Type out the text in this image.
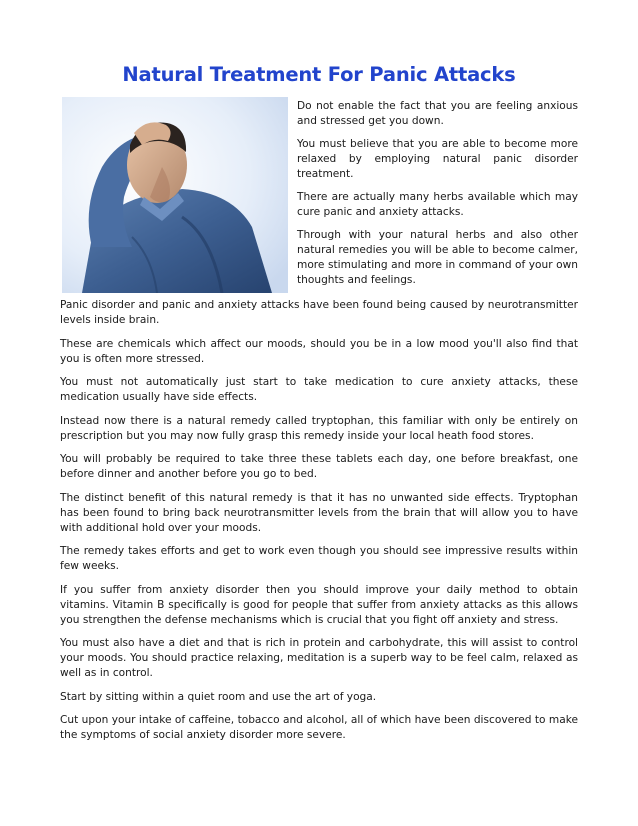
Natural Treatment For Panic Attacks

Do not enable the fact that you are feeling anxious and stressed get you down.

You must believe that you are able to become more relaxed by employing natural panic disorder treatment.

There are actually many herbs available which may cure panic and anxiety attacks.

Through with your natural herbs and also other natural remedies you will be able to become calmer, more stimulating and more in command of your own thoughts and feelings.

Panic disorder and panic and anxiety attacks have been found being caused by neurotransmitter levels inside brain.

These are chemicals which affect our moods, should you be in a low mood you'll also find that you is often more stressed.

You must not automatically just start to take medication to cure anxiety attacks, these medication usually have side effects.

Instead now there is a natural remedy called tryptophan, this familiar with only be entirely on prescription but you may now fully grasp this remedy inside your local heath food stores.

You will probably be required to take three these tablets each day, one before breakfast, one before dinner and another before you go to bed.

The distinct benefit of this natural remedy is that it has no unwanted side effects. Tryptophan has been found to bring back neurotransmitter levels from the brain that will allow you to have with additional hold over your moods.

The remedy takes efforts and get to work even though you should see impressive results within few weeks.

If you suffer from anxiety disorder then you should improve your daily method to obtain vitamins. Vitamin B specifically is good for people that suffer from anxiety attacks as this allows you strengthen the defense mechanisms which is crucial that you fight off anxiety and stress.

You must also have a diet and that is rich in protein and carbohydrate, this will assist to control your moods. You should practice relaxing, meditation is a superb way to be feel calm, relaxed as well as in control.

Start by sitting within a quiet room and use the art of yoga.

Cut upon your intake of caffeine, tobacco and alcohol, all of which have been discovered to make the symptoms of social anxiety disorder more severe.
